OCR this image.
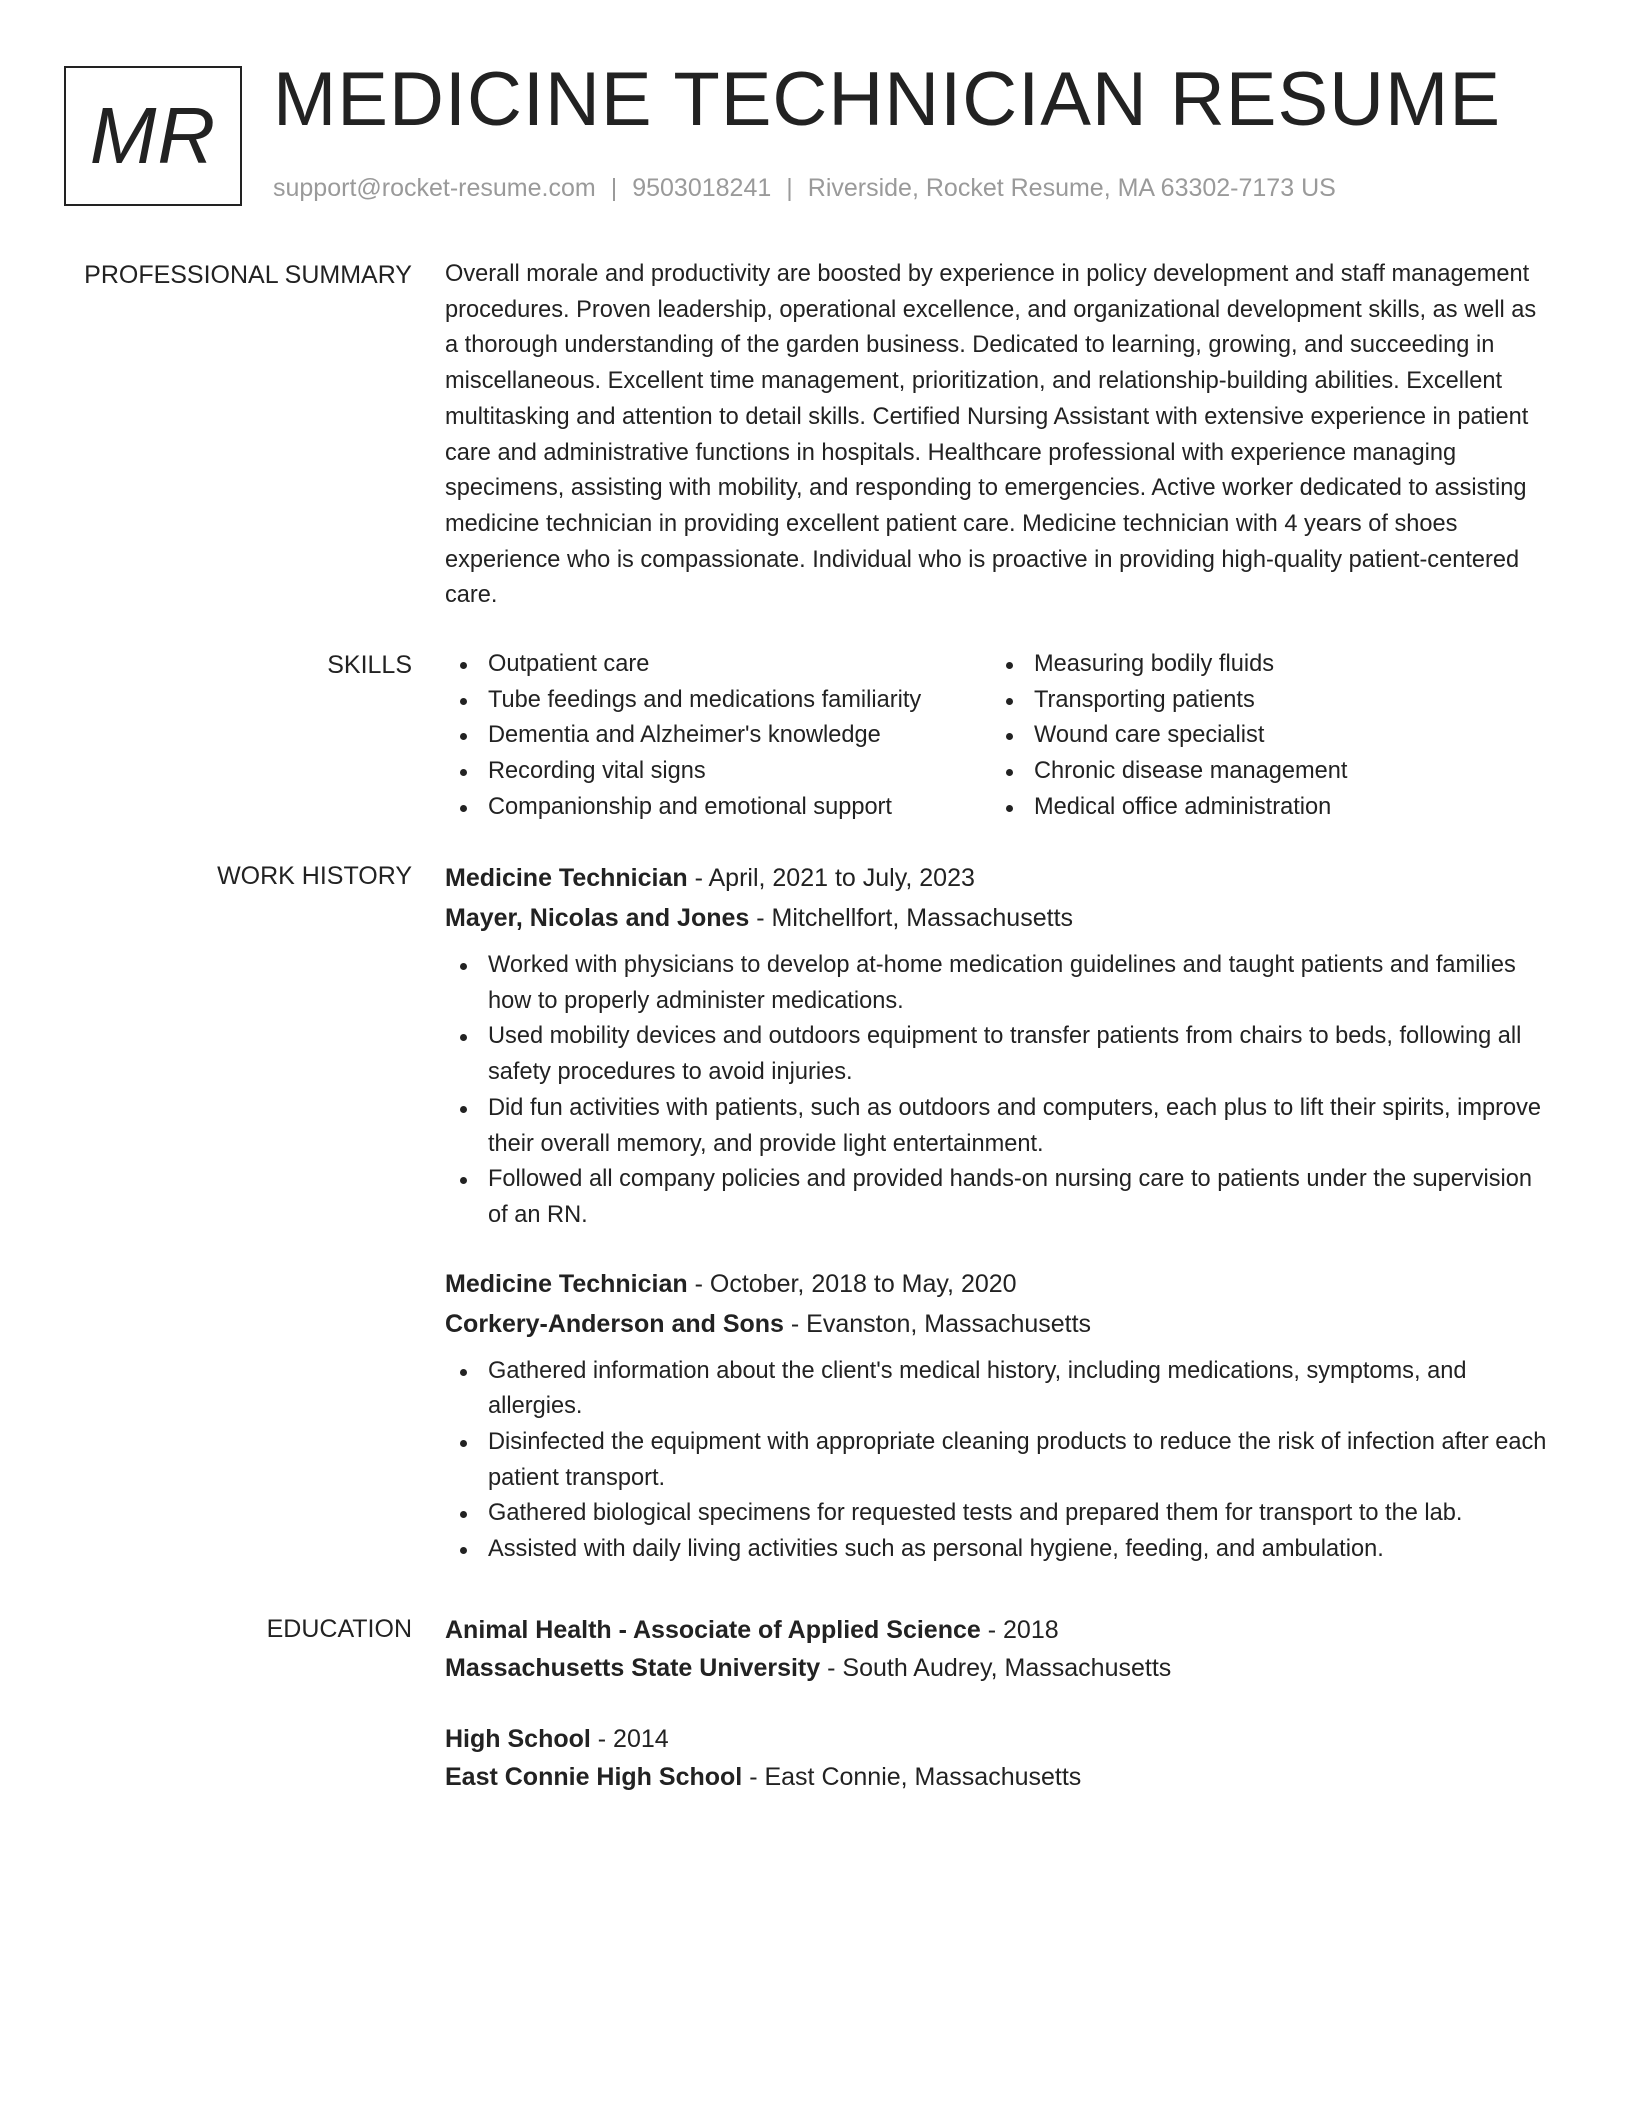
MR MEDICINE TECHNICIAN RESUME
support@rocket-resume.com | 9503018241 | Riverside, Rocket Resume, MA 63302-7173 US
PROFESSIONAL SUMMARY Overall morale and productivity are boosted by experience in policy development and staff management procedures. Proven leadership, operational excellence, and organizational development skills, as well as a thorough understanding of the garden business. Dedicated to learning, growing, and succeeding in miscellaneous. Excellent time management, prioritization, and relationship-building abilities. Excellent multitasking and attention to detail skills. Certified Nursing Assistant with extensive experience in patient care and administrative functions in hospitals. Healthcare professional with experience managing specimens, assisting with mobility, and responding to emergencies. Active worker dedicated to assisting medicine technician in providing excellent patient care. Medicine technician with 4 years of shoes experience who is compassionate. Individual who is proactive in providing high-quality patient-centered care.

SKILLS	Outpatient care
Tube feedings and medications familiarity
Dementia and Alzheimer's knowledge
Recording vital signs
Companionship and emotional support
Measuring bodily fluids
Transporting patients
Wound care specialist
Chronic disease management
Medical office administration
WORK HISTORY Medicine Technician - April, 2021 to July, 2023
Mayer, Nicolas and Jones - Mitchellfort, Massachusetts
Worked with physicians to develop at-home medication guidelines and taught patients and families how to properly administer medications.
Used mobility devices and outdoors equipment to transfer patients from chairs to beds, following all safety procedures to avoid injuries.
Did fun activities with patients, such as outdoors and computers, each plus to lift their spirits, improve their overall memory, and provide light entertainment.
Followed all company policies and provided hands-on nursing care to patients under the supervision of an RN.
Medicine Technician - October, 2018 to May, 2020
Corkery-Anderson and Sons - Evanston, Massachusetts
Gathered information about the client's medical history, including medications, symptoms, and allergies.
Disinfected the equipment with appropriate cleaning products to reduce the risk of infection after each patient transport.
Gathered biological specimens for requested tests and prepared them for transport to the lab.
Assisted with daily living activities such as personal hygiene, feeding, and ambulation.
EDUCATION Animal Health - Associate of Applied Science - 2018
Massachusetts State University - South Audrey, Massachusetts
High School - 2014
East Connie High School - East Connie, Massachusetts
